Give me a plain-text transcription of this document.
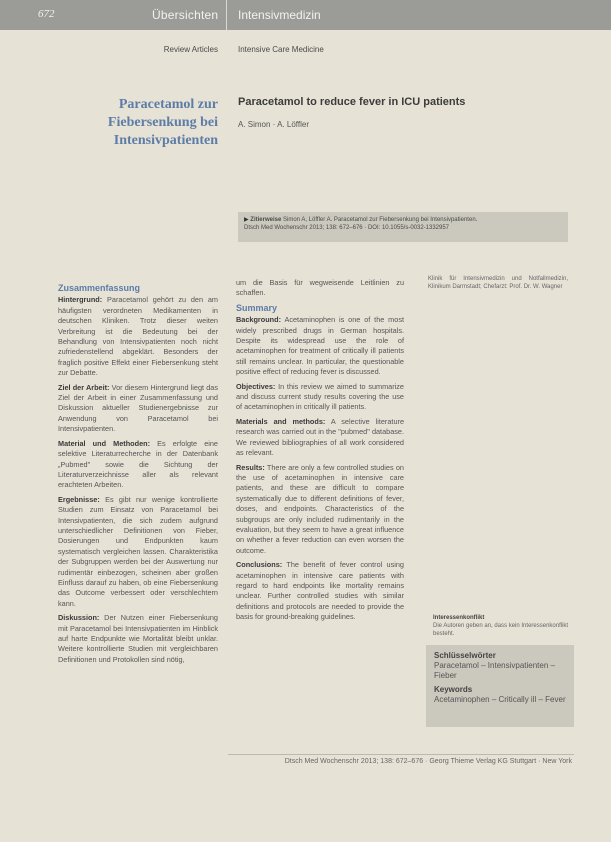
672	Übersichten Intensivmedizin
Review Articles	Intensive Care Medicine
Paracetamol zur Fiebersenkung bei Intensivpatienten
Paracetamol to reduce fever in ICU patients
A. Simon · A. Löffler
▶ Zitierweise Simon A, Löffler A. Paracetamol zur Fiebersenkung bei Intensivpatienten.
Dtsch Med Wochenschr 2013; 138: 672–676 · DOI: 10.1055/s-0032-1332957
Zusammenfassung

Hintergrund: Paracetamol gehört zu den am häufigsten verordneten Medikamenten in deutschen Kliniken. Trotz dieser weiten Verbreitung ist die Bedeutung bei der Behandlung von Intensivpatienten noch nicht zufriedenstellend abgeklärt. Besonders der fraglich positive Effekt einer Fiebersenkung steht zur Debatte.

Ziel der Arbeit: Vor diesem Hintergrund liegt das Ziel der Arbeit in einer Zusammenfassung und Diskussion aktueller Studienergebnisse zur Anwendung von Paracetamol bei Intensivpatienten.

Material und Methoden: Es erfolgte eine selektive Literaturrecherche in der Datenbank „Pubmed" sowie die Sichtung der Literaturverzeichnisse aller als relevant erachteten Arbeiten.

Ergebnisse: Es gibt nur wenige kontrollierte Studien zum Einsatz von Paracetamol bei Intensivpatienten, die sich zudem aufgrund unterschiedlicher Definitionen von Fieber, Dosierungen und Endpunkten kaum systematisch vergleichen lassen. Charakteristika der Subgruppen werden bei der Auswertung nur rudimentär einbezogen, scheinen aber großen Einfluss darauf zu haben, ob eine Fiebersenkung das Outcome verbessert oder verschlechtern kann.

Diskussion: Der Nutzen einer Fiebersenkung mit Paracetamol bei Intensivpatienten im Hinblick auf harte Endpunkte wie Mortalität bleibt unklar. Weitere kontrollierte Studien mit vergleichbaren Definitionen und Protokollen sind nötig,

um die Basis für wegweisende Leitlinien zu schaffen.

Summary

Background: Acetaminophen is one of the most widely prescribed drugs in German hospitals. Despite its widespread use the role of acetaminophen for treatment of critically ill patients still remains unclear. In particular, the questionable positive effect of reducing fever is discussed.

Objectives: In this review we aimed to summarize and discuss current study results covering the use of acetaminophen in critically ill patients.

Materials and methods: A selective literature research was carried out in the "pubmed" database. We reviewed bibliographies of all work considered as relevant.

Results: There are only a few controlled studies on the use of acetaminophen in intensive care patients, and these are difficult to compare systematically due to different definitions of fever, doses, and endpoints. Characteristics of the subgroups are only included rudimentarily in the evaluation, but they seem to have a great influence on whether a fever reduction can even worsen the outcome.

Conclusions: The benefit of fever control using acetaminophen in intensive care patients with regard to hard endpoints like mortality remains unclear. Further controlled studies with similar definitions and protocols are needed to provide the basis for ground-breaking guidelines.

Klinik für Intensivmedizin und Notfallmedizin, Klinikum Darmstadt; Chefarzt: Prof. Dr. W. Wagner
Interessenkonflikt
Die Autoren geben an, dass kein Interessenkonflikt besteht.
Schlüsselwörter
Paracetamol – Intensivpatienten – Fieber
Keywords
Acetaminophen – Critically ill – Fever
Dtsch Med Wochenschr 2013; 138: 672–676 · Georg Thieme Verlag KG Stuttgart · New York
